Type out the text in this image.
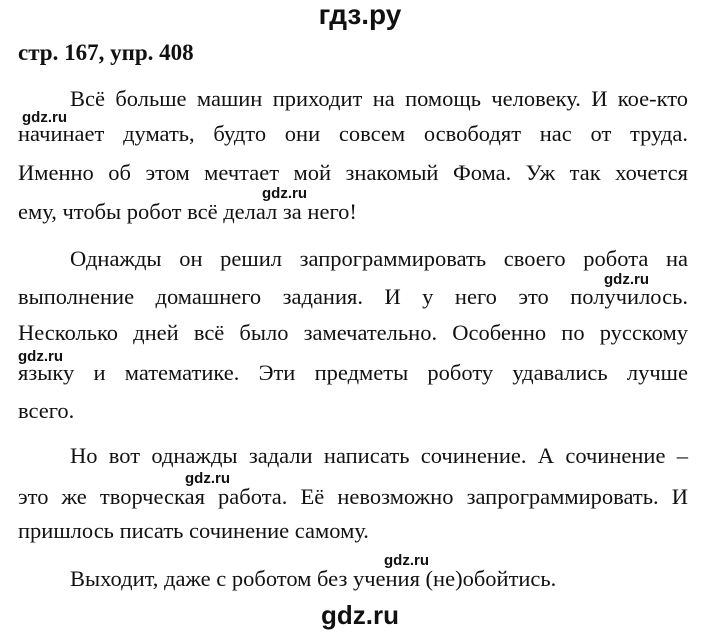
гдз.ру
стр. 167, упр. 408
Всё больше машин приходит на помощь человеку. И кое-кто
начинает думать, будто они совсем освободят нас от труда.
Именно об этом мечтает мой знакомый Фома. Уж так хочется
ему, чтобы робот всё делал за него!
Однажды он решил запрограммировать своего робота на
выполнение домашнего задания. И у него это получилось.
Несколько дней всё было замечательно. Особенно по русскому
языку и математике. Эти предметы роботу удавались лучше
всего.
Но вот однажды задали написать сочинение. А сочинение –
это же творческая работа. Её невозможно запрограммировать. И
пришлось писать сочинение самому.
Выходит, даже с роботом без учения (не)обойтись.
gdz.ru
gdz.ru
gdz.ru
gdz.ru
gdz.ru
gdz.ru
gdz.ru
